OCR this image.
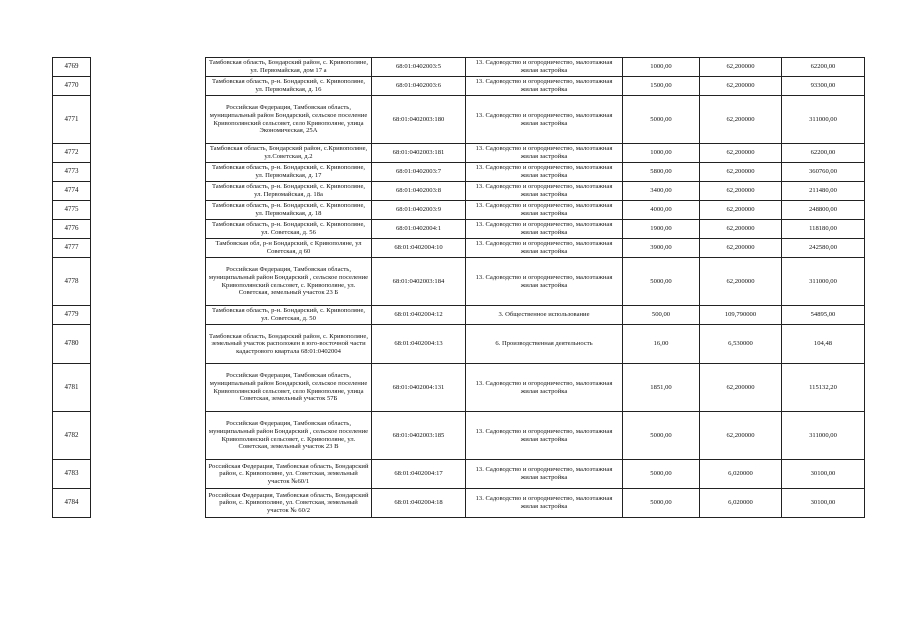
4769		Тамбовская область, Бондарский район, с. Кривополяне, ул. Первомайская, дом 17 а	68:01:0402003:5	13. Садоводство и огородничество, малоэтажная жилая застройка	1000,00	62,200000	62200,00
4770		Тамбовская область, р-н. Бондарский, с. Кривополяне, ул. Первомайская, д. 16	68:01:0402003:6	13. Садоводство и огородничество, малоэтажная жилая застройка	1500,00	62,200000	93300,00
4771		Российская Федерация, Тамбовская область, муниципальный район Бондарский, сельское поселение Кривополянский сельсовет, село Кривополяне, улица Экономическая, 25А	68:01:0402003:180	13. Садоводство и огородничество, малоэтажная жилая застройка	5000,00	62,200000	311000,00
4772		Тамбовская область, Бондарский район, с.Кривополяне, ул.Советская, д.2	68:01:0402003:181	13. Садоводство и огородничество, малоэтажная жилая застройка	1000,00	62,200000	62200,00
4773		Тамбовская область, р-н. Бондарский, с. Кривополяне, ул. Первомайская, д. 17	68:01:0402003:7	13. Садоводство и огородничество, малоэтажная жилая застройка	5800,00	62,200000	360760,00
4774		Тамбовская область, р-н. Бондарский, с. Кривополяне, ул. Первомайская, д. 18а	68:01:0402003:8	13. Садоводство и огородничество, малоэтажная жилая застройка	3400,00	62,200000	211480,00
4775		Тамбовская область, р-н. Бондарский, с. Кривополяне, ул. Первомайская, д. 18	68:01:0402003:9	13. Садоводство и огородничество, малоэтажная жилая застройка	4000,00	62,200000	248800,00
4776		Тамбовская область, р-н. Бондарский, с. Кривополяне, ул. Советская, д. 56	68:01:0402004:1	13. Садоводство и огородничество, малоэтажная жилая застройка	1900,00	62,200000	118180,00
4777		Тамбовская обл, р-н Бондарский, с Кривополяне, ул Советская, д 60	68:01:0402004:10	13. Садоводство и огородничество, малоэтажная жилая застройка	3900,00	62,200000	242580,00
4778		Российская Федерация, Тамбовская область, муниципальный район Бондарский , сельское поселение Кривополянский сельсовет, с. Кривополяне, ул. Советская, земельный участок 23 Б	68:01:0402003:184	13. Садоводство и огородничество, малоэтажная жилая застройка	5000,00	62,200000	311000,00
4779		Тамбовская область, р-н. Бондарский, с. Кривополяне, ул. Советская, д. 50	68:01:0402004:12	3. Общественное использование	500,00	109,790000	54895,00
4780		Тамбовская область, Бондарский район, с. Кривополяне, земельный участок расположен в юго-восточной части кадастрового квартала 68:01:0402004	68:01:0402004:13	6. Производственная деятельность	16,00	6,530000	104,48
4781		Российская Федерация, Тамбовская область, муниципальный район Бондарский, сельское поселение Кривополянский сельсовет, село Кривополяне, улица Советская, земельный участок 57Б	68:01:0402004:131	13. Садоводство и огородничество, малоэтажная жилая застройка	1851,00	62,200000	115132,20
4782		Российская Федерация, Тамбовская область, муниципальный район Бондарский , сельское поселение Кривополянский сельсовет, с. Кривополяне, ул. Советская, земельный участок 23 В	68:01:0402003:185	13. Садоводство и огородничество, малоэтажная жилая застройка	5000,00	62,200000	311000,00
4783		Российская Федерация, Тамбовская область, Бондарский район, с. Кривополяне, ул. Советская, земельный участок №60/1	68:01:0402004:17	13. Садоводство и огородничество, малоэтажная жилая застройка	5000,00	6,020000	30100,00
4784		Российская Федерация, Тамбовская область, Бондарский район, с. Кривополяне, ул. Советская, земельный участок № 60/2	68:01:0402004:18	13. Садоводство и огородничество, малоэтажная жилая застройка	5000,00	6,020000	30100,00
